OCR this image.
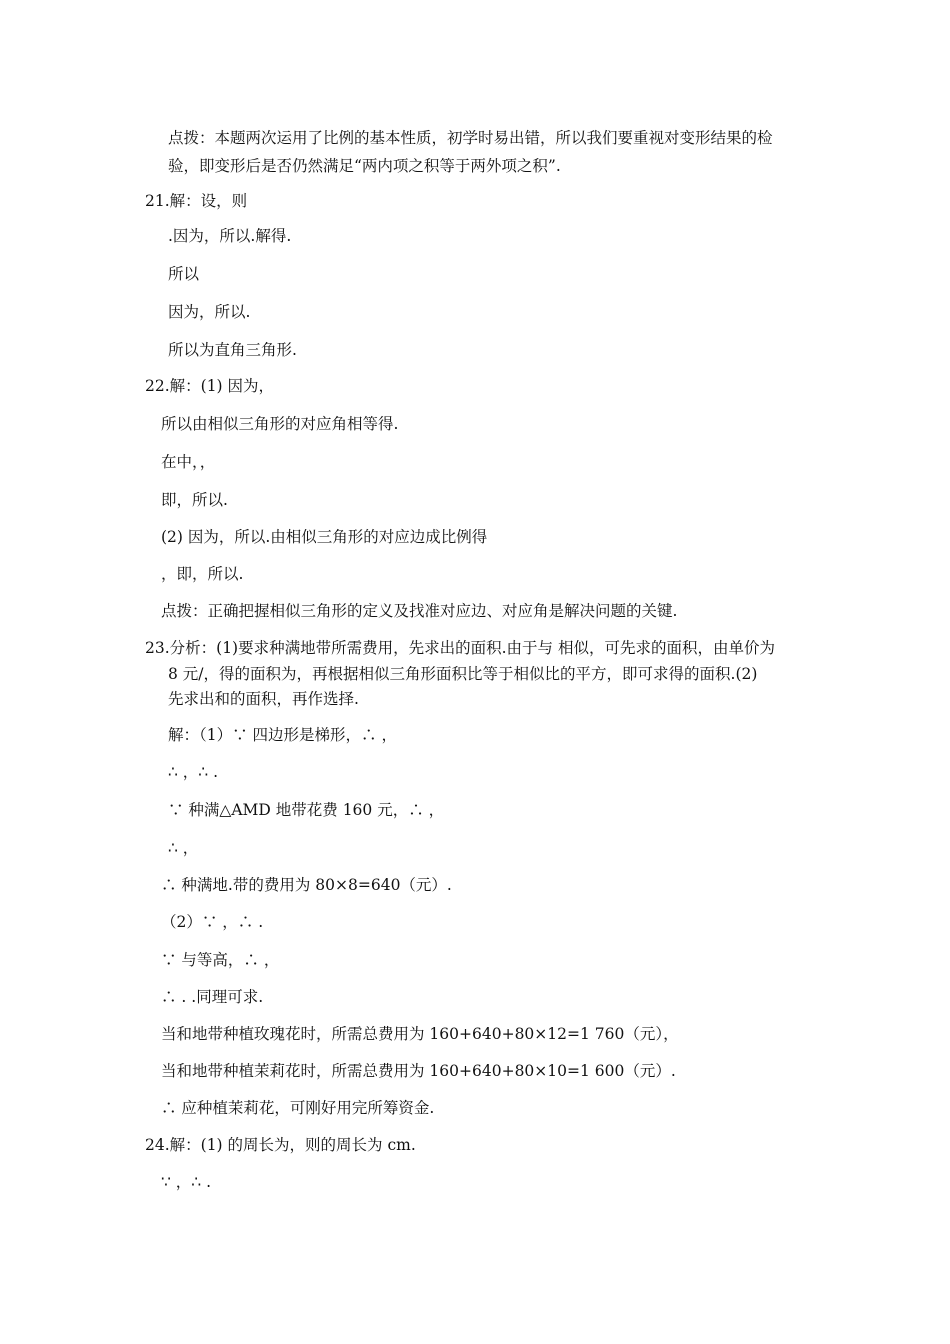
点拨：本题两次运用了比例的基本性质，初学时易出错，所以我们要重视对变形结果的检
验，即变形后是否仍然满足“两内项之积等于两外项之积”.
21.解：设，则
.因为，所以.解得.
所以
因为，所以.
所以为直角三角形.
22.解：(1) 因为，
所以由相似三角形的对应角相等得.
在中，，
即，所以.
(2) 因为，所以.由相似三角形的对应边成比例得
，即，所以.
点拨：正确把握相似三角形的定义及找准对应边、对应角是解决问题的关键.
23.分析：(1)要求种满地带所需费用，先求出的面积.由于与 相似，可先求的面积，由单价为
8 元/，得的面积为，再根据相似三角形面积比等于相似比的平方，即可求得的面积.(2)
先求出和的面积，再作选择.
解：（1）∵ 四边形是梯形，∴ ，
∴ ，∴ .
∵ 种满△AMD 地带花费 160 元，∴ ，
∴ ，
∴ 种满地.带的费用为 80×8=640（元）.
（2）∵ ，∴ .
∵ 与等高，∴ ，
∴ . .同理可求.
当和地带种植玫瑰花时，所需总费用为 160+640+80×12=1 760（元），
当和地带种植茉莉花时，所需总费用为 160+640+80×10=1 600（元）.
∴ 应种植茉莉花，可刚好用完所筹资金.
24.解：(1) 的周长为，则的周长为 cm.
∵ ，∴ .
